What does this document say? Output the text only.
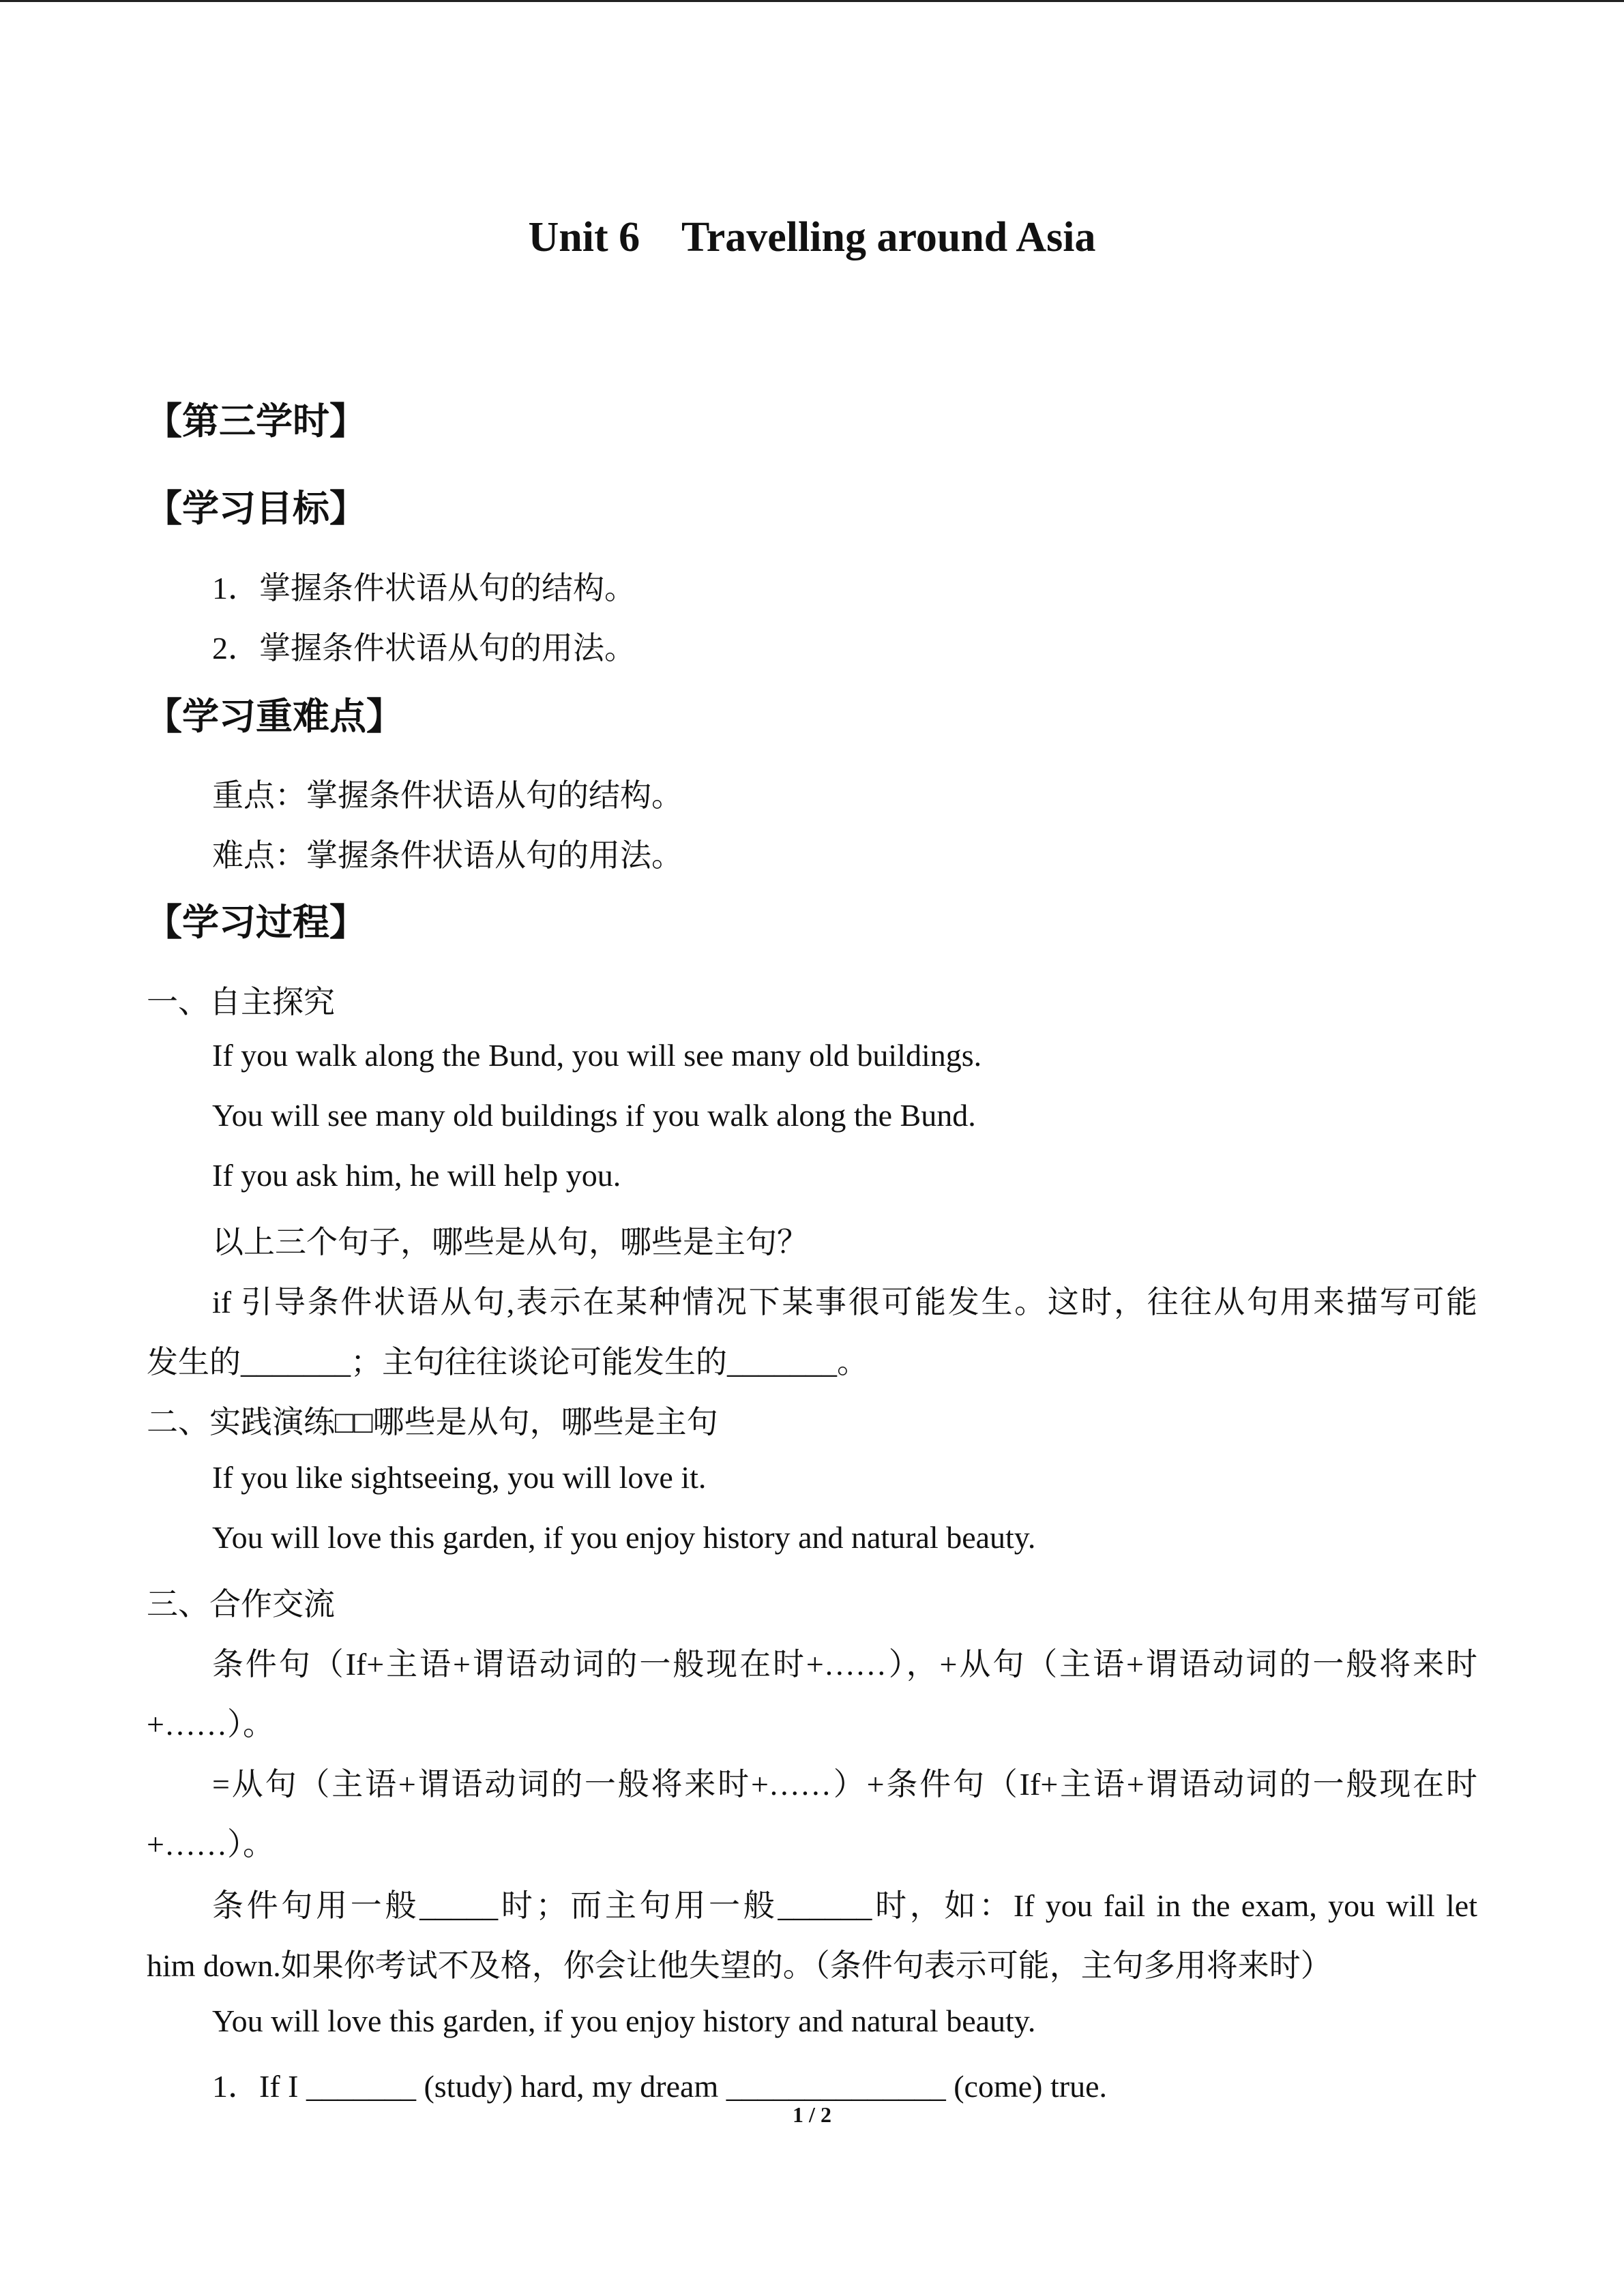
Unit 6    Travelling around Asia
【第三学时】
【学习目标】
1．掌握条件状语从句的结构。
2．掌握条件状语从句的用法。
【学习重难点】
重点：掌握条件状语从句的结构。
难点：掌握条件状语从句的用法。
【学习过程】
一、自主探究
If you walk along the Bund, you will see many old buildings.
You will see many old buildings if you walk along the Bund.
If you ask him, he will help you.
以上三个句子，哪些是从句，哪些是主句？
if 引导条件状语从句,表示在某种情况下某事很可能发生。这时，往往从句用来描写可能
发生的_______；主句往往谈论可能发生的_______。
二、实践演练□□哪些是从句，哪些是主句
If you like sightseeing, you will love it.
You will love this garden, if you enjoy history and natural beauty.
三、合作交流
条件句（If+主语+谓语动词的一般现在时+……），+从句（主语+谓语动词的一般将来时
+……）。
=从句（主语+谓语动词的一般将来时+……）+条件句（If+主语+谓语动词的一般现在时
+……）。
条件句用一般_____时；而主句用一般______时，如：If you fail in the exam, you will let
him down.如果你考试不及格，你会让他失望的。（条件句表示可能，主句多用将来时）
You will love this garden, if you enjoy history and natural beauty.
1．If I _______ (study) hard, my dream ______________ (come) true.
1 / 2
